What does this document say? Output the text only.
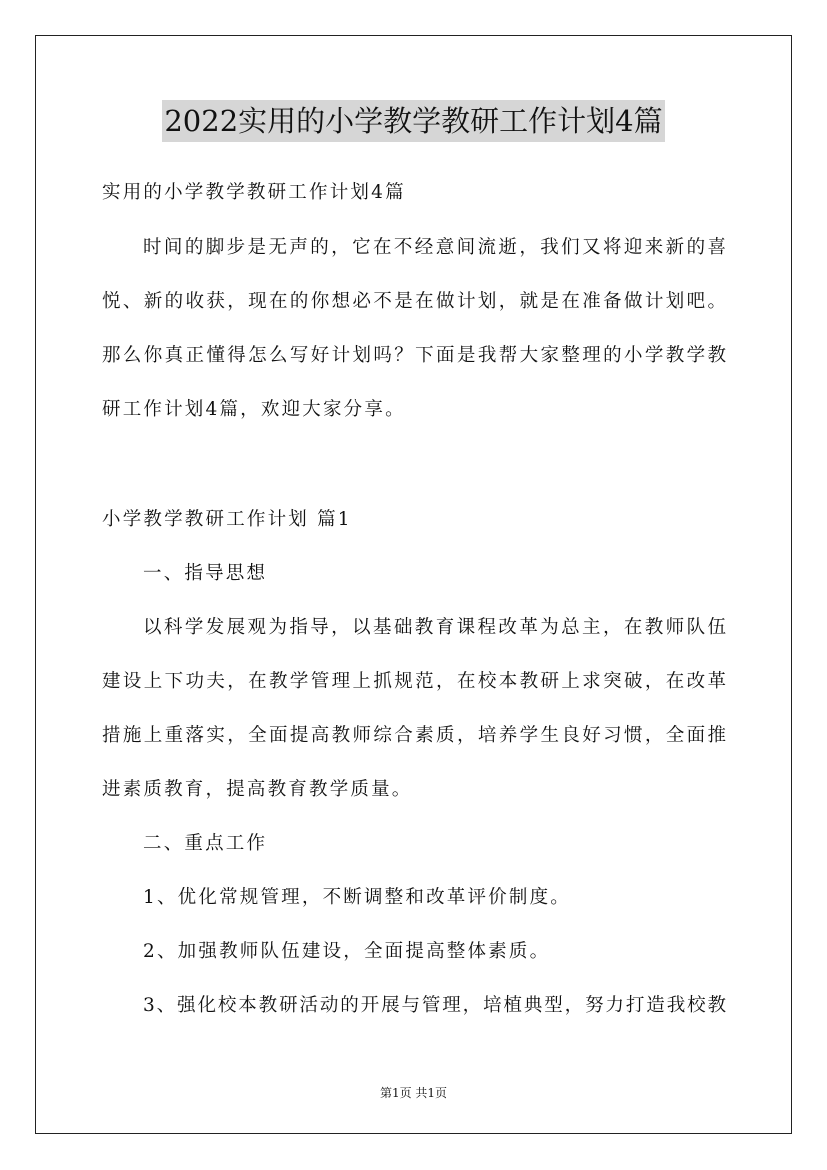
2022实用的小学教学教研工作计划4篇
实用的小学教学教研工作计划4篇
时间的脚步是无声的，它在不经意间流逝，我们又将迎来新的喜
悦、新的收获，现在的你想必不是在做计划，就是在准备做计划吧。
那么你真正懂得怎么写好计划吗？下面是我帮大家整理的小学教学教
研工作计划4篇，欢迎大家分享。
小学教学教研工作计划 篇1
一、指导思想
以科学发展观为指导，以基础教育课程改革为总主，在教师队伍
建设上下功夫，在教学管理上抓规范，在校本教研上求突破，在改革
措施上重落实，全面提高教师综合素质，培养学生良好习惯，全面推
进素质教育，提高教育教学质量。
二、重点工作
1、优化常规管理，不断调整和改革评价制度。
2、加强教师队伍建设，全面提高整体素质。
3、强化校本教研活动的开展与管理，培植典型，努力打造我校教
第1页 共1页
